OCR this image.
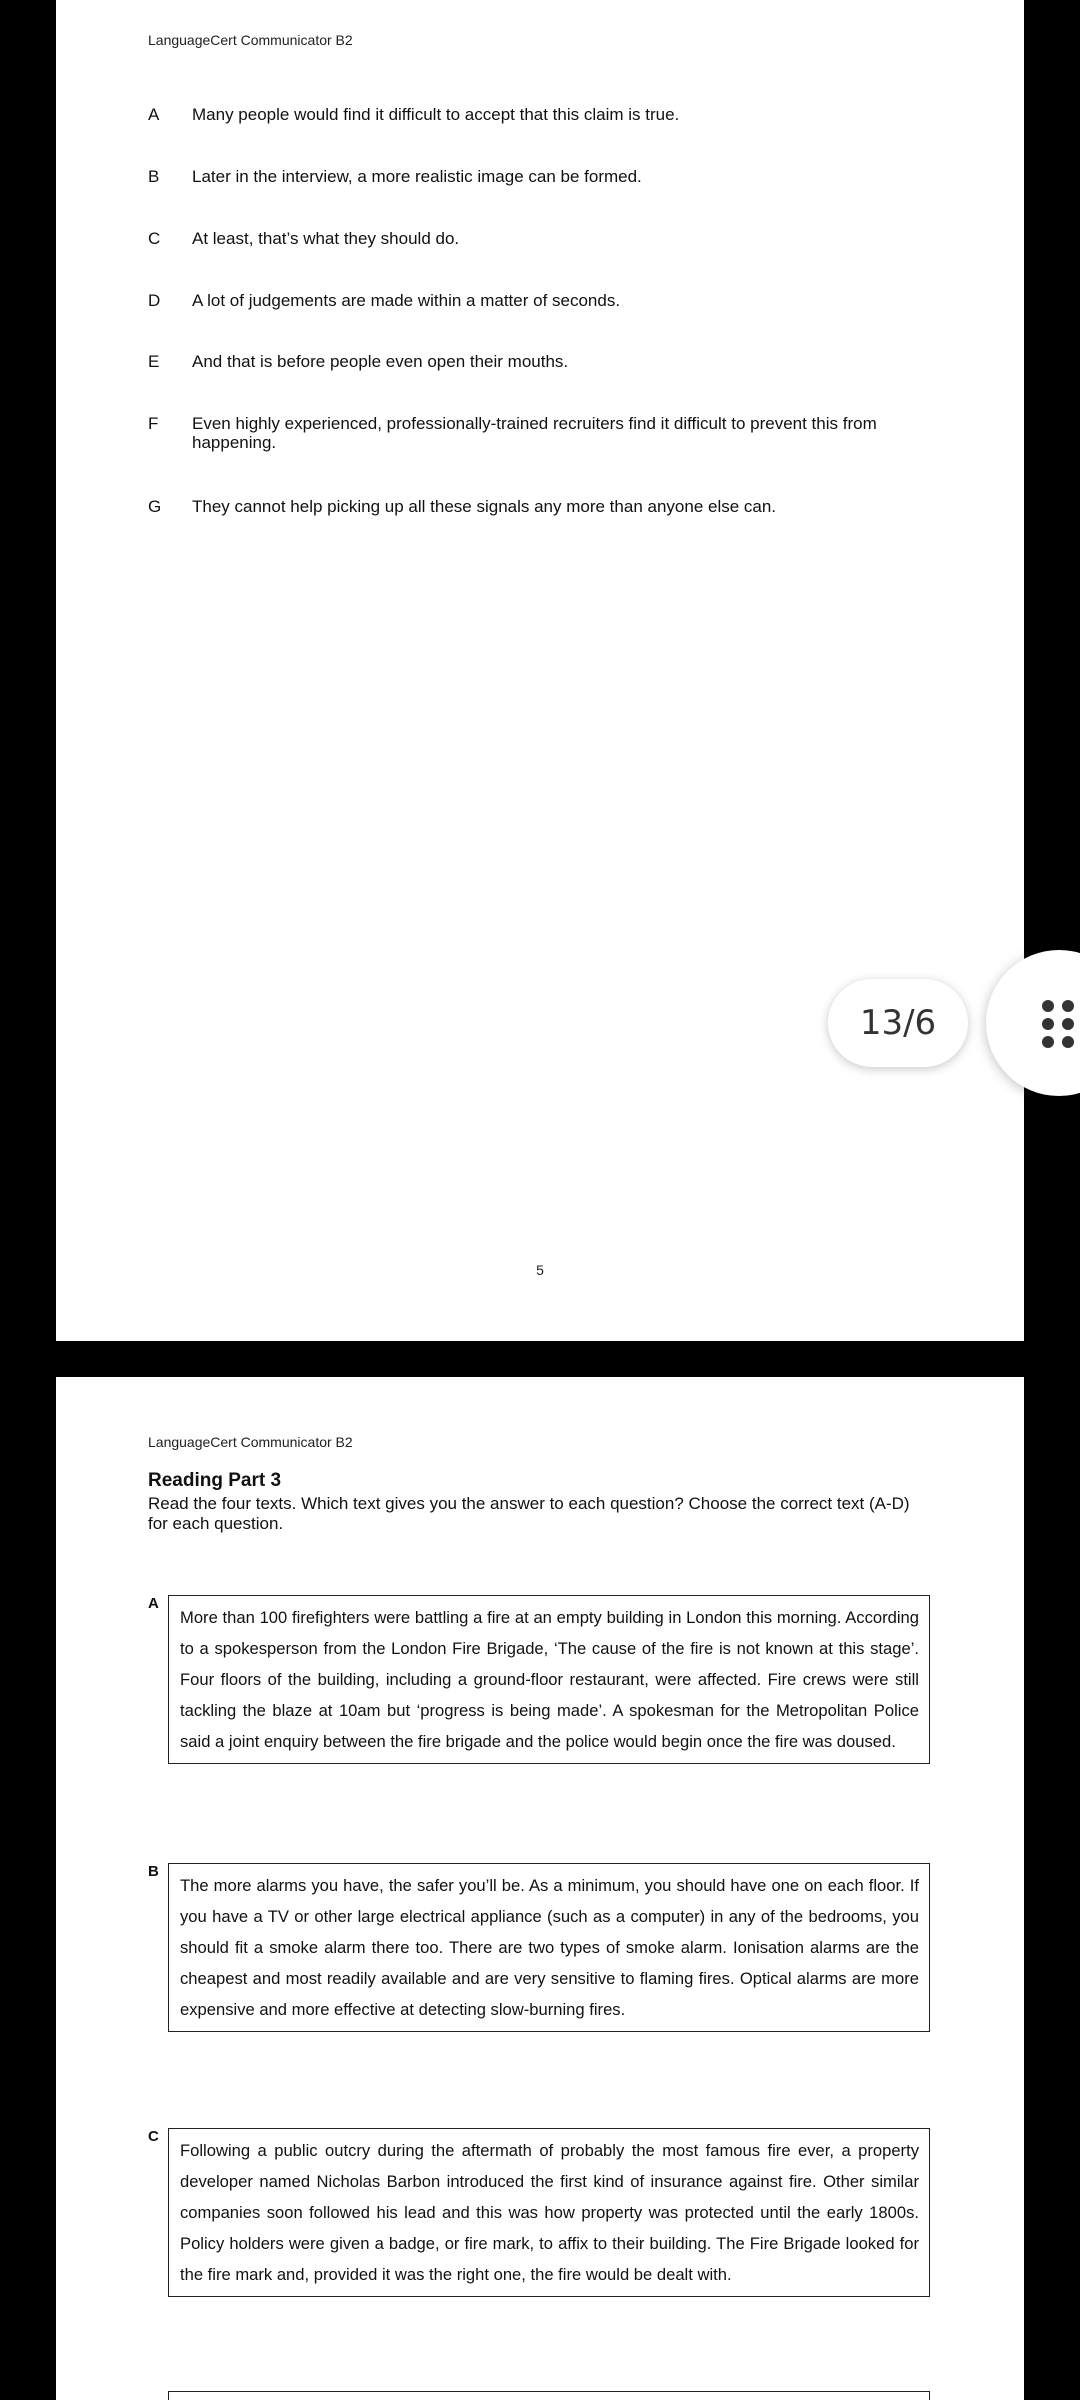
LanguageCert Communicator B2
A	Many people would find it difficult to accept that this claim is true.
B	Later in the interview, a more realistic image can be formed.
C	At least, that’s what they should do.
D	A lot of judgements are made within a matter of seconds.
E	And that is before people even open their mouths.
F	Even highly experienced, professionally-trained recruiters find it difficult to prevent this from happening.
G	They cannot help picking up all these signals any more than anyone else can.
5
LanguageCert Communicator B2
Reading Part 3
Read the four texts. Which text gives you the answer to each question? Choose the correct text (A-D) for each question.
A
More than 100 firefighters were battling a fire at an empty building in London this morning. According to a spokesperson from the London Fire Brigade, ‘The cause of the fire is not known at this stage’. Four floors of the building, including a ground-floor restaurant, were affected. Fire crews were still tackling the blaze at 10am but ‘progress is being made’. A spokesman for the Metropolitan Police said a joint enquiry between the fire brigade and the police would begin once the fire was doused.
B
The more alarms you have, the safer you’ll be. As a minimum, you should have one on each floor. If you have a TV or other large electrical appliance (such as a computer) in any of the bedrooms, you should fit a smoke alarm there too. There are two types of smoke alarm. Ionisation alarms are the cheapest and most readily available and are very sensitive to flaming fires. Optical alarms are more expensive and more effective at detecting slow-burning fires.
C
Following a public outcry during the aftermath of probably the most famous fire ever, a property developer named Nicholas Barbon introduced the first kind of insurance against fire. Other similar companies soon followed his lead and this was how property was protected until the early 1800s. Policy holders were given a badge, or fire mark, to affix to their building. The Fire Brigade looked for the fire mark and, provided it was the right one, the fire would be dealt with.
13/6
